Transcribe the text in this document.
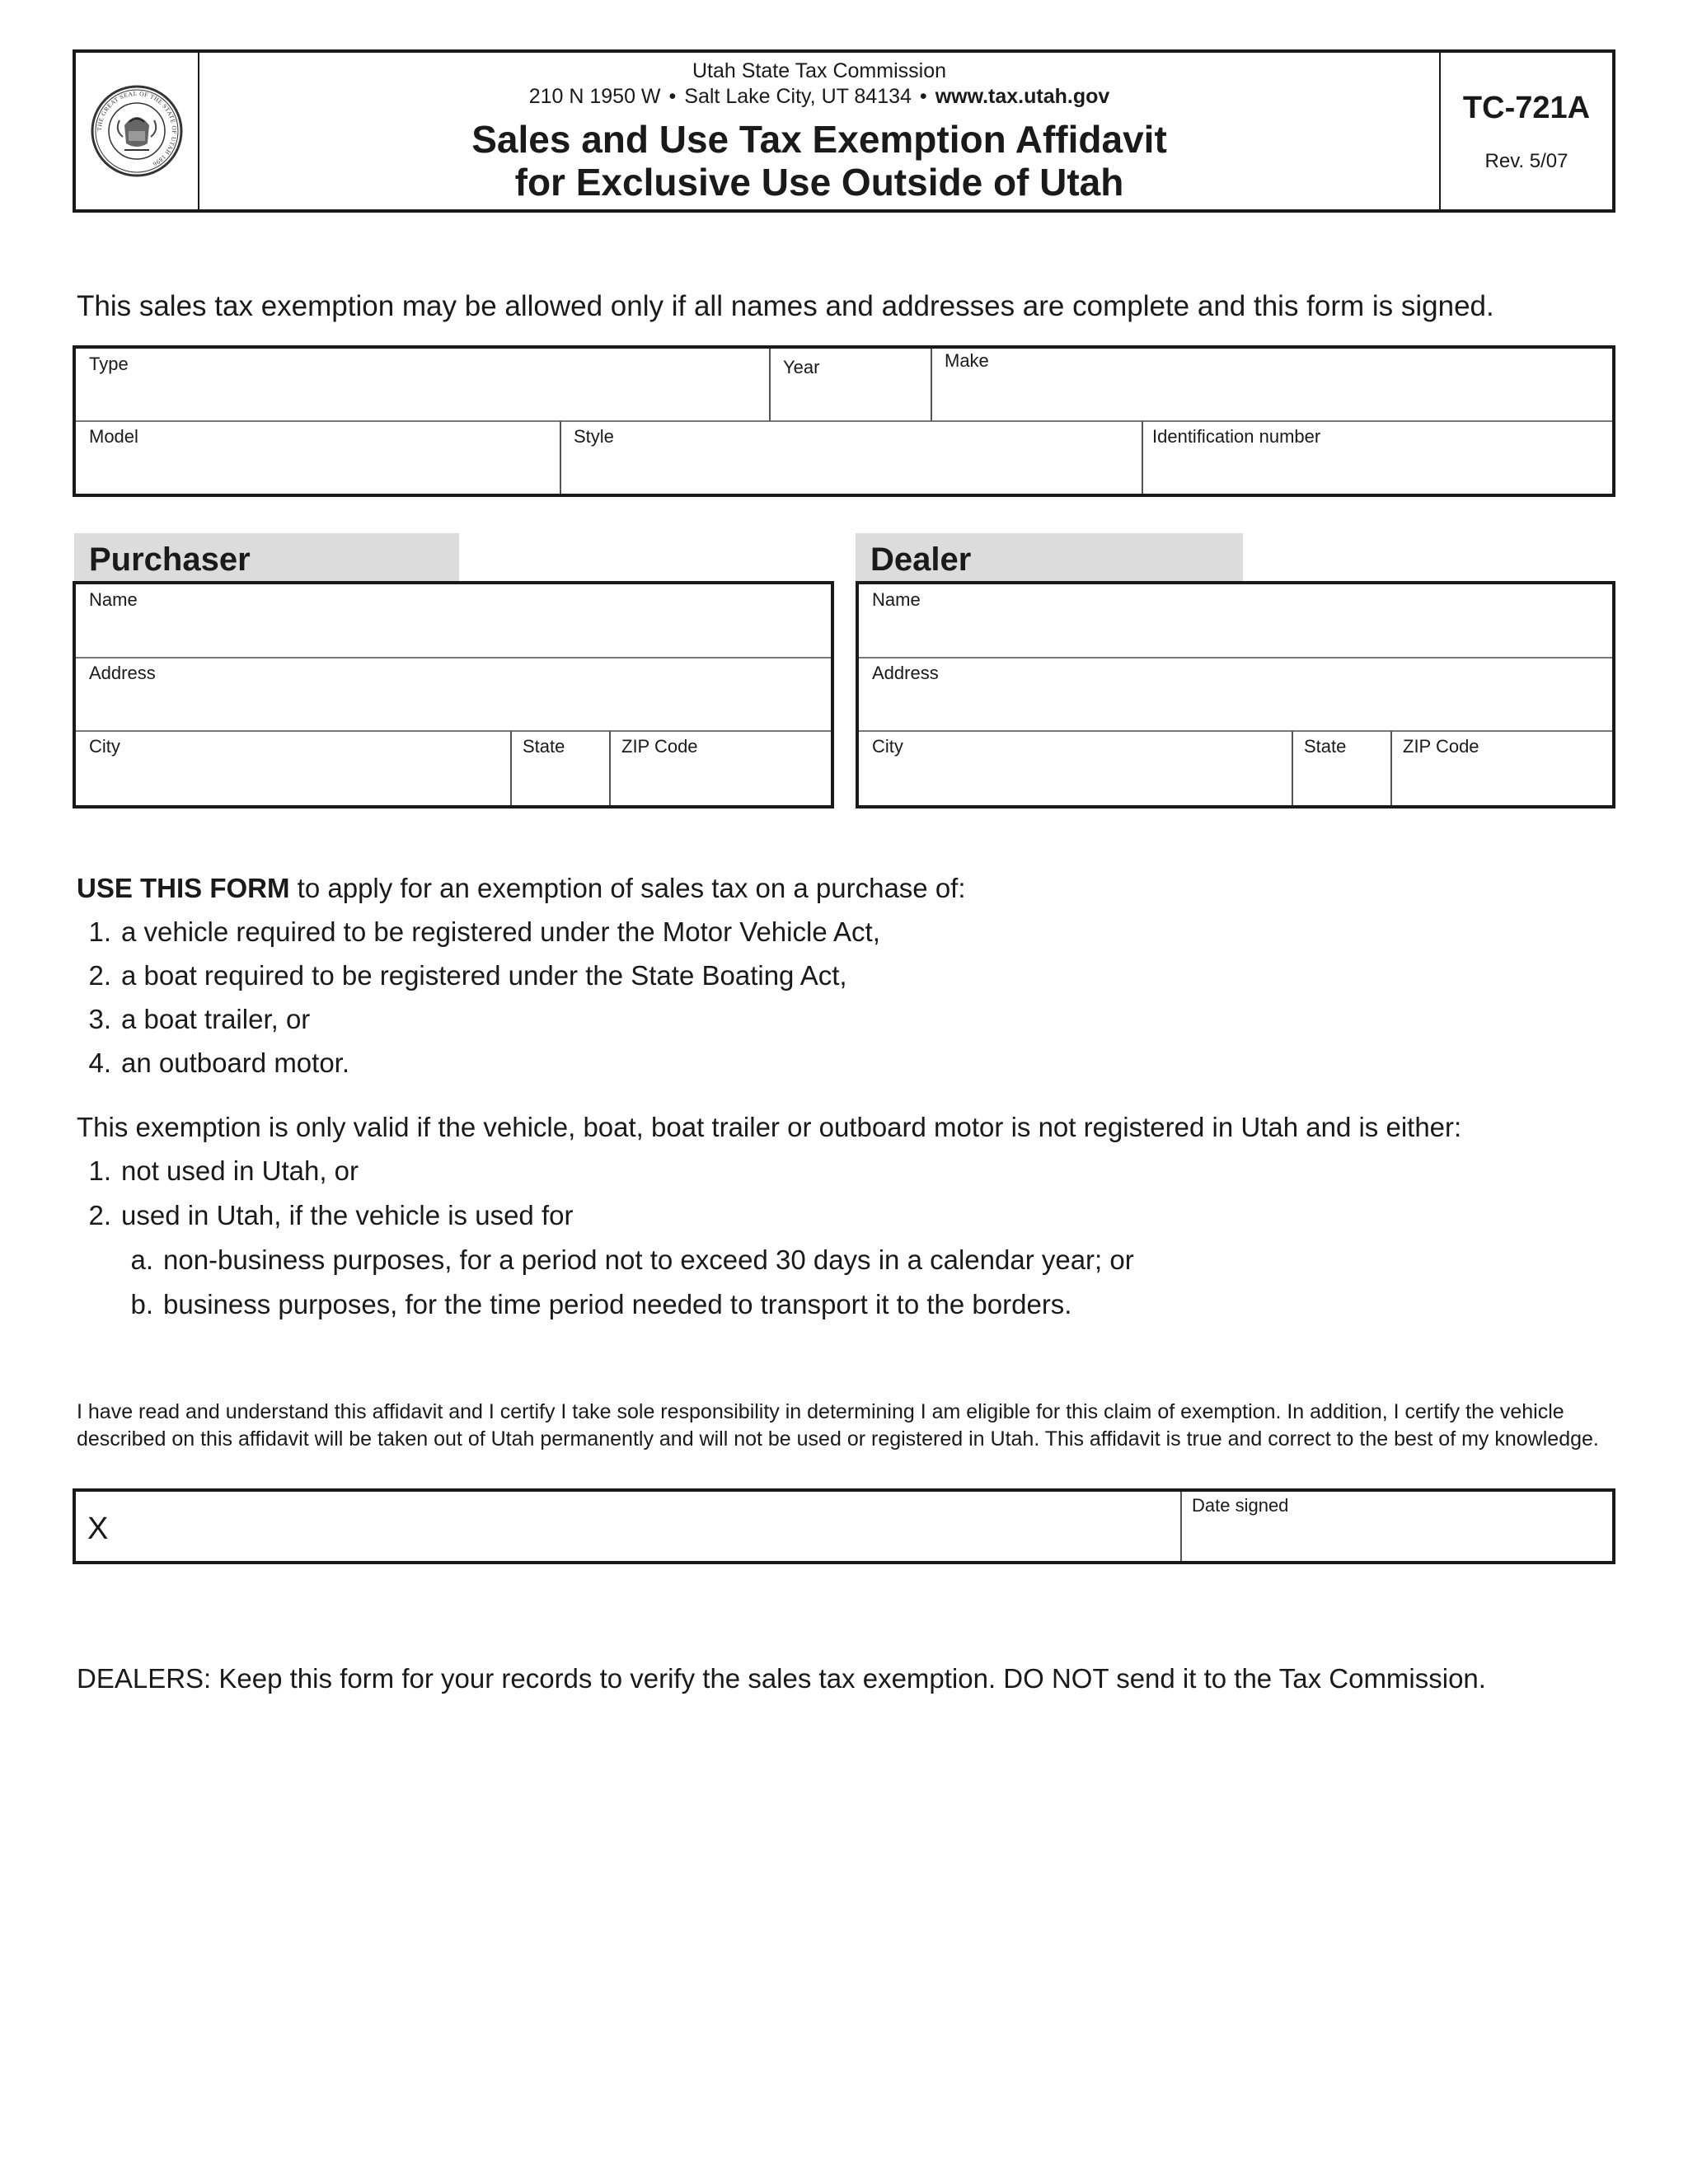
THE GREAT SEAL OF THE STATE OF UTAH 1896
Utah State Tax Commission
210 N 1950 W • Salt Lake City, UT 84134 • www.tax.utah.gov
Sales and Use Tax Exemption Affidavit
for Exclusive Use Outside of Utah
TC-721A
Rev. 5/07
This sales tax exemption may be allowed only if all names and addresses are complete and this form is signed.
Type	Year	Make
Model	Style	Identification number
Purchaser
Name
Address
City	State	ZIP Code
Dealer
Name
Address
City	State	ZIP Code
USE THIS FORM to apply for an exemption of sales tax on a purchase of:
1. a vehicle required to be registered under the Motor Vehicle Act,
2. a boat required to be registered under the State Boating Act,
3. a boat trailer, or
4. an outboard motor.
This exemption is only valid if the vehicle, boat, boat trailer or outboard motor is not registered in Utah and is either:
1. not used in Utah, or
2. used in Utah, if the vehicle is used for
a. non-business purposes, for a period not to exceed 30 days in a calendar year; or
b. business purposes, for the time period needed to transport it to the borders.
I have read and understand this affidavit and I certify I take sole responsibility in determining I am eligible for this claim of exemption. In addition, I certify the vehicle described on this affidavit will be taken out of Utah permanently and will not be used or registered in Utah. This affidavit is true and correct to the best of my knowledge.
X
Date signed
DEALERS: Keep this form for your records to verify the sales tax exemption. DO NOT send it to the Tax Commission.
